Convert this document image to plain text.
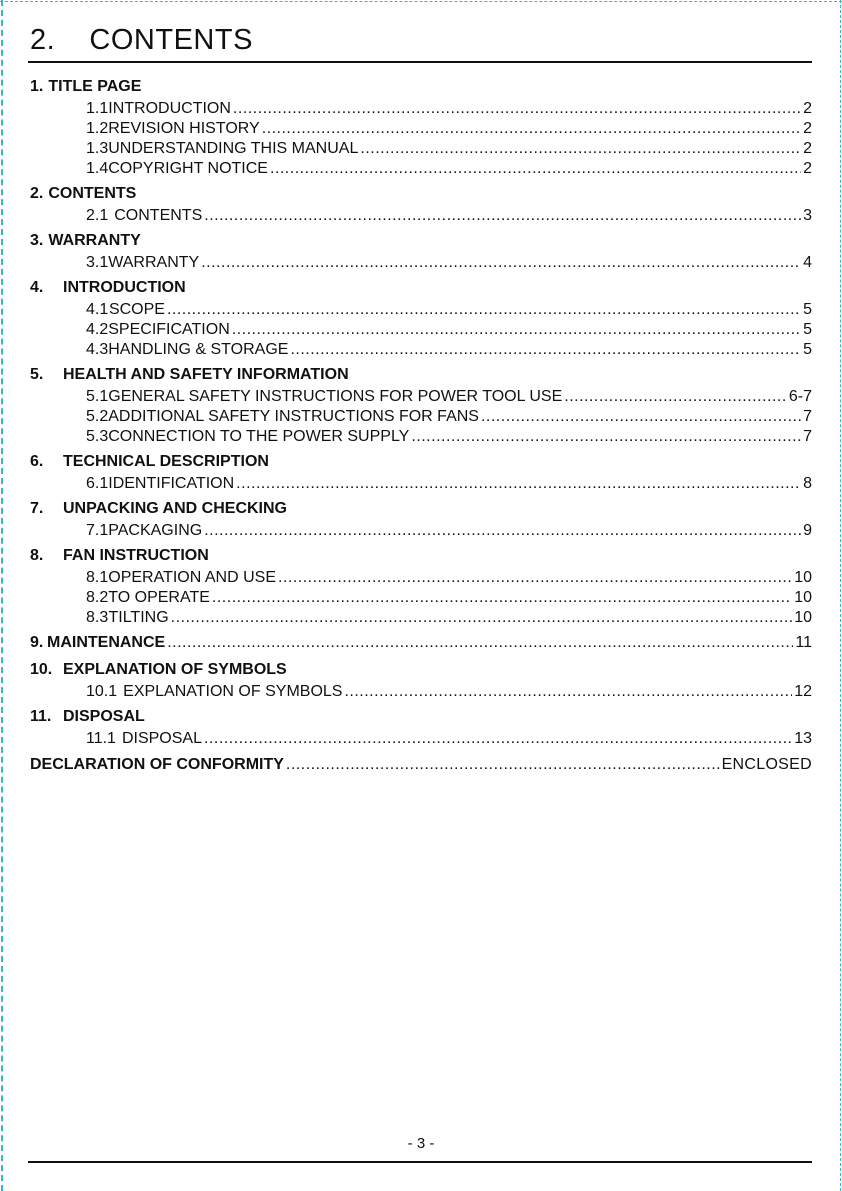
2. CONTENTS
1. TITLE PAGE
1.1 INTRODUCTION .....	2
1.2 REVISION HISTORY .....	2
1.3 UNDERSTANDING THIS MANUAL .....	2
1.4 COPYRIGHT NOTICE .....	2
2. CONTENTS
2.1 CONTENTS .....	3
3. WARRANTY
3.1 WARRANTY .....	4
4.	INTRODUCTION
4.1 SCOPE .....	5
4.2 SPECIFICATION .....	5
4.3 HANDLING & STORAGE .....	5
5.	HEALTH AND SAFETY INFORMATION
5.1 GENERAL SAFETY INSTRUCTIONS FOR POWER TOOL USE .....	6-7
5.2 ADDITIONAL SAFETY INSTRUCTIONS FOR FANS .....	7
5.3 CONNECTION TO THE POWER SUPPLY .....	7
6.	TECHNICAL DESCRIPTION
6.1 IDENTIFICATION .....	8
7.	UNPACKING AND CHECKING
7.1 PACKAGING .....	9
8.	FAN INSTRUCTION
8.1 OPERATION AND USE .....	10
8.2 TO OPERATE .....	10
8.3 TILTING .....	10
9. MAINTENANCE .....	11
10. EXPLANATION OF SYMBOLS
10.1 EXPLANATION OF SYMBOLS .....	12
11. DISPOSAL
11.1 DISPOSAL .....	13
DECLARATION OF CONFORMITY .....	ENCLOSED
- 3 -
